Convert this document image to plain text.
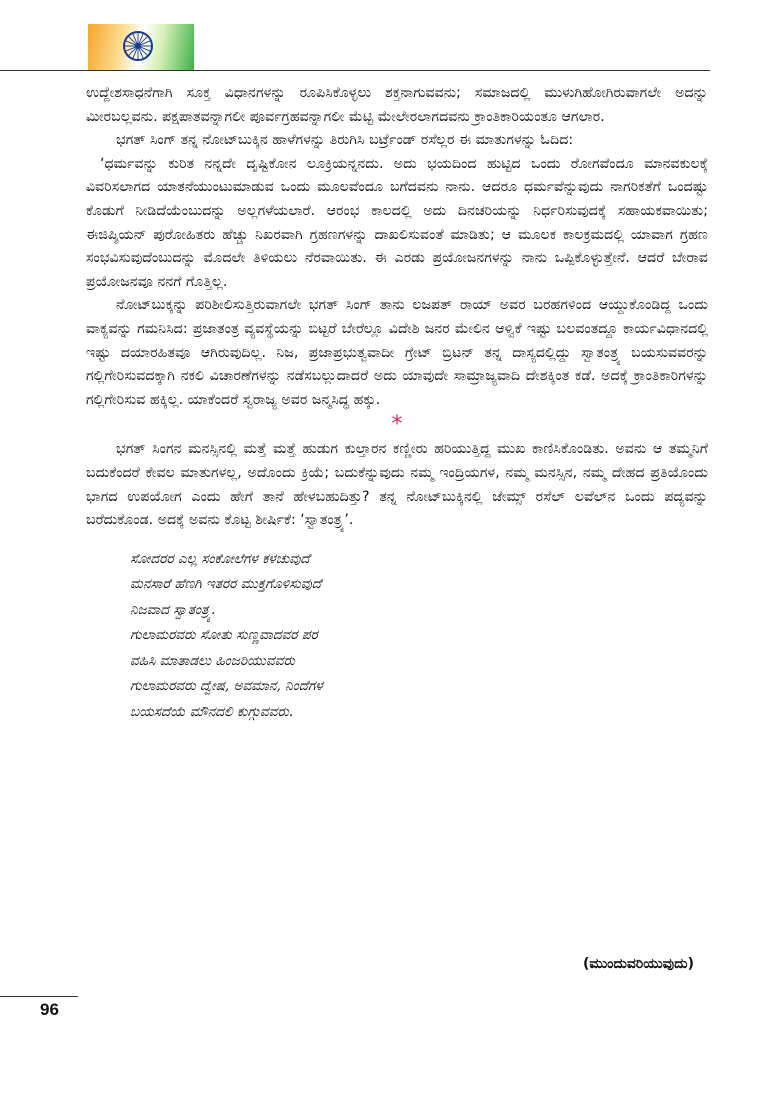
ಉದ್ದೇಶಸಾಧನೆಗಾಗಿ ಸೂಕ್ತ ವಿಧಾನಗಳನ್ನು ರೂಪಿಸಿಕೊಳ್ಳಲು ಶಕ್ತನಾಗುವವನು; ಸಮಾಜದಲ್ಲಿ ಮುಳುಗಿಹೋಗಿರುವಾಗಲೇ ಅದನ್ನು ಮೀರಬಲ್ಲವನು. ಪಕ್ಷಪಾತವನ್ನಾಗಲೀ ಪೂರ್ವಗ್ರಹವನ್ನಾಗಲೀ ಮೆಟ್ಟಿ ಮೇಲೇರಲಾಗದವನು ಕ್ರಾಂತಿಕಾರಿಯಂತೂ ಆಗಲಾರ.

ಭಗತ್ ಸಿಂಗ್ ತನ್ನ ನೋಟ್‌ಬುಕ್ಕಿನ ಹಾಳೆಗಳನ್ನು ತಿರುಗಿಸಿ ಬರ್ಟ್ರೆಂಡ್ ರಸೆಲ್ಲರ ಈ ಮಾತುಗಳನ್ನು ಓದಿದ:

‘ಧರ್ಮವನ್ನು ಕುರಿತ ನನ್ನದೇ ದೃಷ್ಟಿಕೋನ ಲೂಕ್ರಿಯನ್ನನದು. ಅದು ಭಯದಿಂದ ಹುಟ್ಟಿದ ಒಂದು ರೋಗವೆಂದೂ ಮಾನವಕುಲಕ್ಕೆ ವಿವರಿಸಲಾಗದ ಯಾತನೆಯುಂಟುಮಾಡುವ ಒಂದು ಮೂಲವೆಂದೂ ಬಗೆದವನು ನಾನು. ಆದರೂ ಧರ್ಮವೆನ್ನುವುದು ನಾಗರಿಕತೆಗೆ ಒಂದಷ್ಟು ಕೊಡುಗೆ ನೀಡಿದೆಯೆಂಬುದನ್ನು ಅಲ್ಲಗಳೆಯಲಾರೆ. ಆರಂಭ ಕಾಲದಲ್ಲಿ ಅದು ದಿನಚರಿಯನ್ನು ನಿರ್ಧರಿಸುವುದಕ್ಕೆ ಸಹಾಯಕವಾಯಿತು; ಈಜಿಪ್ಶಿಯನ್ ಪುರೋಹಿತರು ಹೆಚ್ಚು ನಿಖರವಾಗಿ ಗ್ರಹಣಗಳನ್ನು ದಾಖಲಿಸುವಂತೆ ಮಾಡಿತು; ಆ ಮೂಲಕ ಕಾಲಕ್ರಮದಲ್ಲಿ ಯಾವಾಗ ಗ್ರಹಣ ಸಂಭವಿಸುವುದೆಂಬುದನ್ನು ಮೊದಲೇ ತಿಳಿಯಲು ನೆರವಾಯಿತು. ಈ ಎರಡು ಪ್ರಯೋಜನಗಳನ್ನು ನಾನು ಒಪ್ಪಿಕೊಳ್ಳುತ್ತೇನೆ. ಆದರೆ ಬೇರಾವ ಪ್ರಯೋಜನವೂ ನನಗೆ ಗೊತ್ತಿಲ್ಲ.

ನೋಟ್‌ಬುಕ್ಕನ್ನು ಪರಿಶೀಲಿಸುತ್ತಿರುವಾಗಲೇ ಭಗತ್ ಸಿಂಗ್ ತಾನು ಲಜಪತ್ ರಾಯ್ ಅವರ ಬರಹಗಳಿಂದ ಆಯ್ದುಕೊಂಡಿದ್ದ ಒಂದು ವಾಕ್ಯವನ್ನು ಗಮನಿಸಿದ: ಪ್ರಜಾತಂತ್ರ ವ್ಯವಸ್ಥೆಯನ್ನು ಬಿಟ್ಟರೆ ಬೇರೆಲ್ಲೂ ವಿದೇಶಿ ಜನರ ಮೇಲಿನ ಆಳ್ವಿಕೆ ಇಷ್ಟು ಬಲವಂತದ್ದೂ ಕಾರ್ಯವಿಧಾನದಲ್ಲಿ ಇಷ್ಟು ದಯಾರಹಿತವೂ ಆಗಿರುವುದಿಲ್ಲ. ನಿಜ, ಪ್ರಜಾಪ್ರಭುತ್ವವಾದೀ ಗ್ರೇಟ್ ಬ್ರಿಟನ್ ತನ್ನ ದಾಸ್ಯದಲ್ಲಿದ್ದು ಸ್ವಾತಂತ್ರ್ಯ ಬಯಸುವವರನ್ನು ಗಲ್ಲಿಗೇರಿಸುವದಕ್ಕಾಗಿ ನಕಲಿ ವಿಚಾರಣೆಗಳನ್ನು ನಡೆಸಬಲ್ಲುದಾದರೆ ಅದು ಯಾವುದೇ ಸಾಮ್ರಾಜ್ಯವಾದಿ ದೇಶಕ್ಕಿಂತ ಕಡೆ. ಅದಕ್ಕೆ ಕ್ರಾಂತಿಕಾರಿಗಳನ್ನು ಗಲ್ಲಿಗೇರಿಸುವ ಹಕ್ಕಿಲ್ಲ. ಯಾಕೆಂದರೆ ಸ್ವರಾಜ್ಯ ಅವರ ಜನ್ಮಸಿದ್ಧ ಹಕ್ಕು.

*

ಭಗತ್ ಸಿಂಗನ ಮನಸ್ಸಿನಲ್ಲಿ ಮತ್ತೆ ಮತ್ತೆ ಹುಡುಗ ಕುಲ್ತಾರನ ಕಣ್ಣೀರು ಹರಿಯುತ್ತಿದ್ದ ಮುಖ ಕಾಣಿಸಿಕೊಂಡಿತು. ಅವನು ಆ ತಮ್ಮನಿಗೆ ಬದುಕೆಂದರೆ ಕೇವಲ ಮಾತುಗಳಲ್ಲ, ಅದೊಂದು ಕ್ರಿಯೆ; ಬದುಕೆನ್ನುವುದು ನಮ್ಮ ಇಂದ್ರಿಯಗಳ, ನಮ್ಮ ಮನಸ್ಸಿನ, ನಮ್ಮ ದೇಹದ ಪ್ರತಿಯೊಂದು ಭಾಗದ ಉಪಯೋಗ ಎಂದು ಹೇಗೆ ತಾನೆ ಹೇಳಬಹುದಿತ್ತು? ತನ್ನ ನೋಟ್‌ಬುಕ್ಕಿನಲ್ಲಿ ಜೇಮ್ಸ್ ರಸೆಲ್ ಲವೆಲ್‌ನ ಒಂದು ಪದ್ಯವನ್ನು ಬರೆದುಕೊಂಡ. ಅದಕ್ಕೆ ಅವನು ಕೊಟ್ಟ ಶೀರ್ಷಿಕೆ: ‘ಸ್ವಾತಂತ್ರ್ಯ’.

ಸೋದರರ ಎಲ್ಲ ಸಂಕೋಲೆಗಳ ಕಳಚುವುದೆ
ಮನಸಾರೆ ಹೆಣಗಿ ಇತರರ ಮುಕ್ತಗೊಳಿಸುವುದೆ
ನಿಜವಾದ ಸ್ವಾತಂತ್ರ್ಯ.
ಗುಲಾಮರವರು ಸೋತು ಸುಣ್ಣವಾದವರ ಪರ
ವಹಿಸಿ ಮಾತಾಡಲು ಹಿಂಜರಿಯುವವರು
ಗುಲಾಮರವರು ದ್ವೇಷ, ಅವಮಾನ, ನಿಂದೆಗಳ
ಬಯಸದೆಯೆ ಮೌನದಲಿ ಕುಗ್ಗುವವರು.
(ಮುಂದುವರಿಯುವುದು)
96
